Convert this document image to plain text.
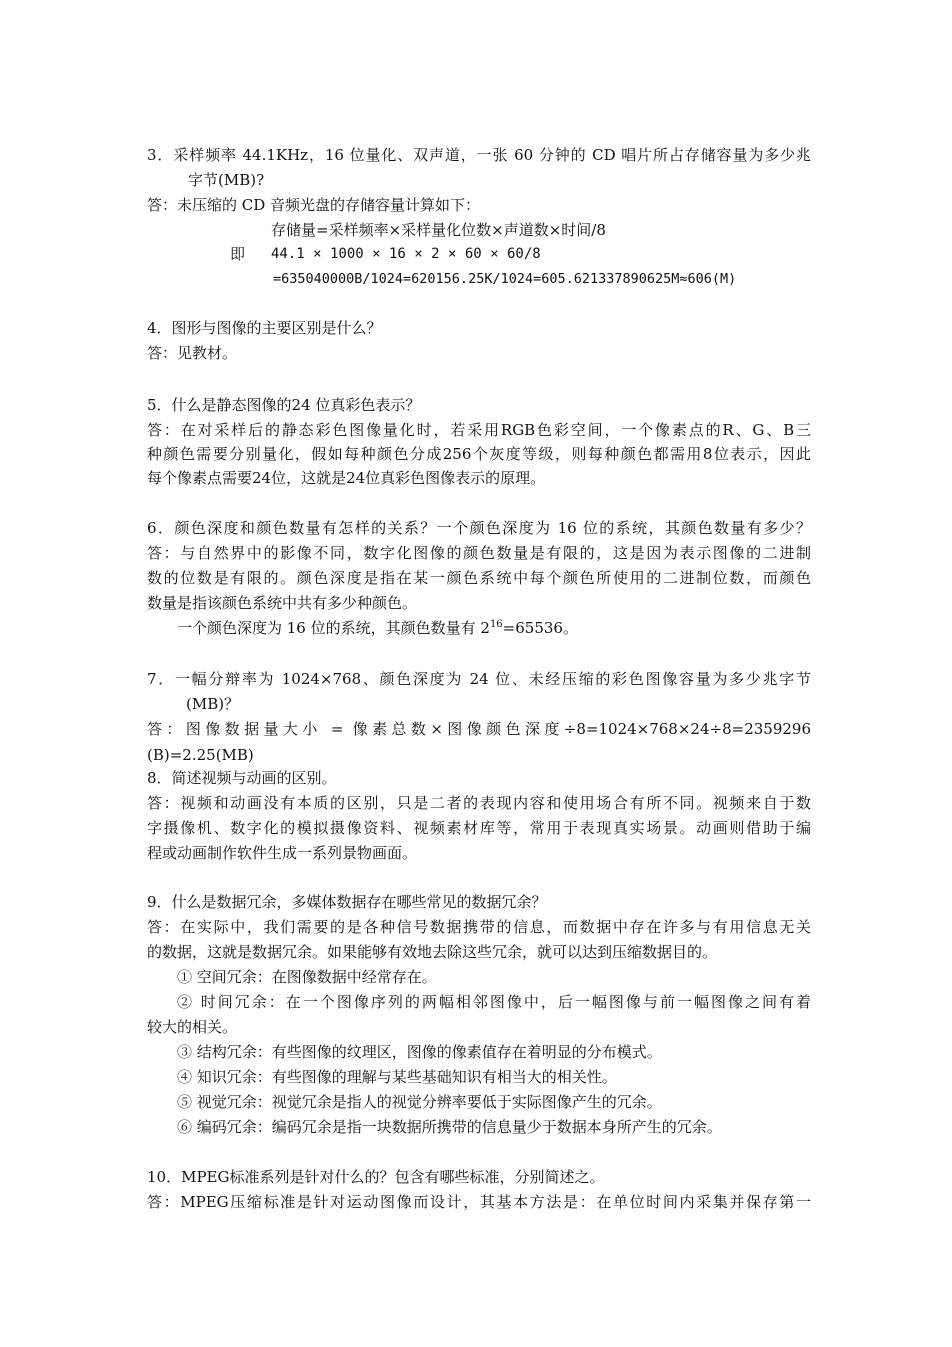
3．采样频率 44.1KHz，16 位量化、双声道，一张 60 分钟的 CD 唱片所占存储容量为多少兆
字节(MB)?
答：未压缩的 CD 音频光盘的存储容量计算如下：
存储量=采样频率×采样量化位数×声道数×时间/8
即 44.1 × 1000 × 16 × 2 × 60 × 60/8
=635040000B/1024=620156.25K/1024=605.621337890625M≈606(M)
4．图形与图像的主要区别是什么？
答：见教材。
5．什么是静态图像的24 位真彩色表示？
答：在对采样后的静态彩色图像量化时，若采用RGB色彩空间，一个像素点的R、G、B三
种颜色需要分别量化，假如每种颜色分成256个灰度等级，则每种颜色都需用8位表示，因此
每个像素点需要24位，这就是24位真彩色图像表示的原理。
6．颜色深度和颜色数量有怎样的关系？一个颜色深度为 16 位的系统，其颜色数量有多少？
答：与自然界中的影像不同，数字化图像的颜色数量是有限的，这是因为表示图像的二进制
数的位数是有限的。颜色深度是指在某一颜色系统中每个颜色所使用的二进制位数，而颜色
数量是指该颜色系统中共有多少种颜色。
一个颜色深度为 16 位的系统，其颜色数量有 $2^{16}=65536$。
7．一幅分辩率为 1024×768、颜色深度为 24 位、未经压缩的彩色图像容量为多少兆字节
(MB)？
答：图像数据量大小 = 像素总数×图像颜色深度÷8=1024×768×24÷8=2359296 (B)=2.25(MB)
8．简述视频与动画的区别。
答：视频和动画没有本质的区别，只是二者的表现内容和使用场合有所不同。视频来自于数
字摄像机、数字化的模拟摄像资料、视频素材库等，常用于表现真实场景。动画则借助于编
程或动画制作软件生成一系列景物画面。
9．什么是数据冗余，多媒体数据存在哪些常见的数据冗余？
答：在实际中，我们需要的是各种信号数据携带的信息，而数据中存在许多与有用信息无关
的数据，这就是数据冗余。如果能够有效地去除这些冗余，就可以达到压缩数据目的。
① 空间冗余：在图像数据中经常存在。
② 时间冗余：在一个图像序列的两幅相邻图像中，后一幅图像与前一幅图像之间有着
较大的相关。
③ 结构冗余：有些图像的纹理区，图像的像素值存在着明显的分布模式。
④ 知识冗余：有些图像的理解与某些基础知识有相当大的相关性。
⑤ 视觉冗余：视觉冗余是指人的视觉分辨率要低于实际图像产生的冗余。
⑥ 编码冗余：编码冗余是指一块数据所携带的信息量少于数据本身所产生的冗余。
10．MPEG标准系列是针对什么的？包含有哪些标准，分别简述之。
答：MPEG压缩标准是针对运动图像而设计，其基本方法是：在单位时间内采集并保存第一
